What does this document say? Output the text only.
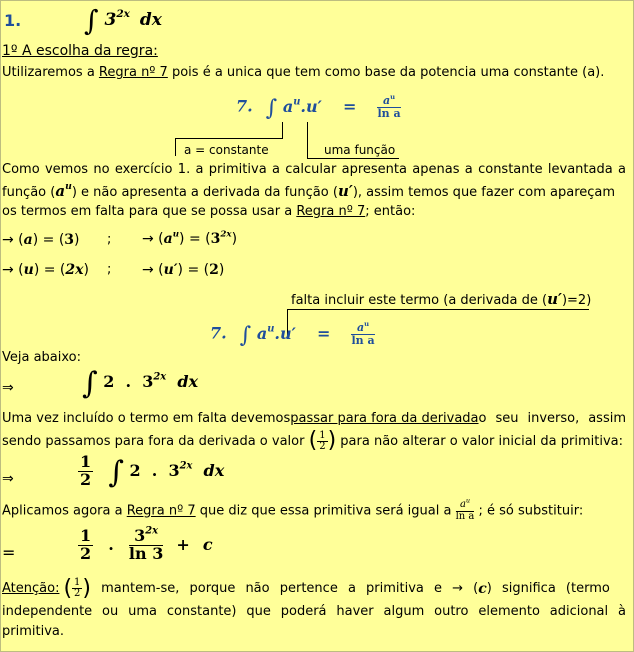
1. ∫ $3^{2x}$ dx
1º A escolha da regra:
Utilizaremos a Regra nº 7 pois é a unica que tem como base da potencia uma constante (a).
7. ∫ $a^u.u' = \frac{a^u}{\text{ln a}}$
a = constante	uma função
Como vemos no exercício 1. a primitiva a calcular apresenta apenas a constante levantada a
função $(a^u)$ e não apresenta a derivada da função (u′), assim temos que fazer com apareçam
os termos em falta para que se possa usar a Regra nº 7; então:
→ (a) = (3) ; → $(a^u) = (3^{2x})$
→ (u) = (2x) ; → (u′) = (2)
falta incluir este termo (a derivada de (u′)=2)
7. ∫ $a^u.u' = \frac{a^u}{\text{ln a}}$
Veja abaixo:
⇒ ∫ 2 . $3^{2x}$ dx
Uma vez incluído o termo em falta devemos passar para fora da derivada o seu inverso, assim
sendo passamos para fora da derivada o valor ( $\frac{1}{2}$ ) para não alterar o valor inicial da primitiva:
⇒	$\frac{1}{2}$ ∫ 2 . $3^{2x}$ dx
Aplicamos agora a Regra nº 7 que diz que essa primitiva será igual a $\frac{a^u}{\text{ln a}}$ ; é só substituir:
=	$\frac{1}{2}$ . $\frac{3^{2x}}{\ln 3} + c$
Atenção: ( $\frac{1}{2}$ ) mantem-se, porque não pertence a primitiva e → ( c ) significa (termo
independente ou uma constante) que poderá haver algum outro elemento adicional à
primitiva.
